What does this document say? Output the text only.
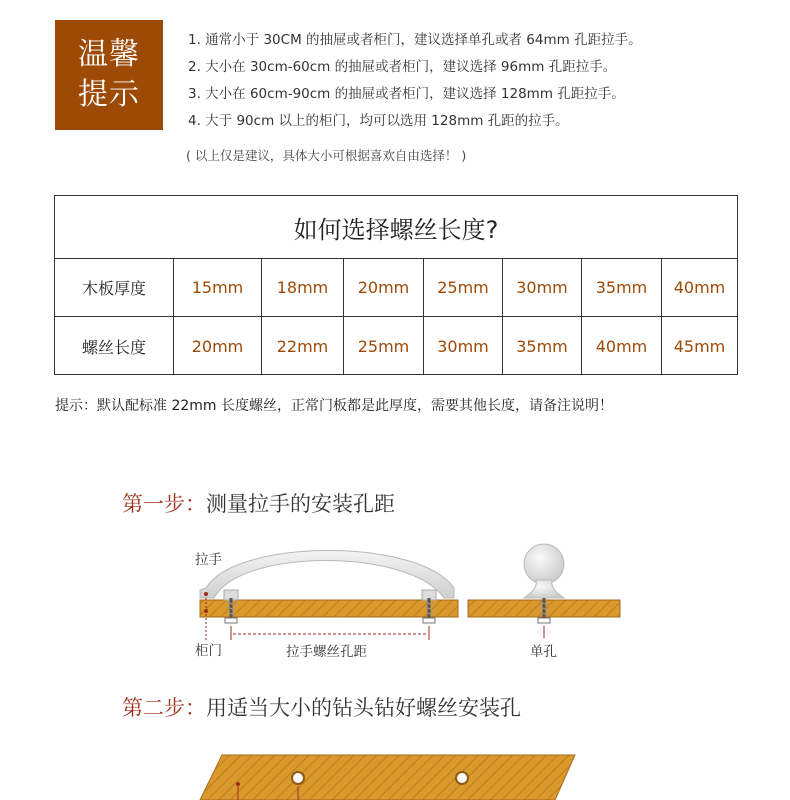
温馨
提示
1. 通常小于 30CM 的抽屉或者柜门，建议选择单孔或者 64mm 孔距拉手。
2. 大小在 30cm-60cm 的抽屉或者柜门，建议选择 96mm 孔距拉手。
3. 大小在 60cm-90cm 的抽屉或者柜门，建议选择 128mm 孔距拉手。
4. 大于 90cm 以上的柜门，均可以选用 128mm 孔距的拉手。
( 以上仅是建议，具体大小可根据喜欢自由选择！ )
如何选择螺丝长度?
木板厚度	15mm	18mm	20mm	25mm	30mm	35mm	40mm
螺丝长度	20mm	22mm	25mm	30mm	35mm	40mm	45mm
提示：默认配标准 22mm 长度螺丝，正常门板都是此厚度，需要其他长度，请备注说明！
第一步：测量拉手的安装孔距
拉手
柜门	拉手螺丝孔距	单孔
第二步：用适当大小的钻头钻好螺丝安装孔
